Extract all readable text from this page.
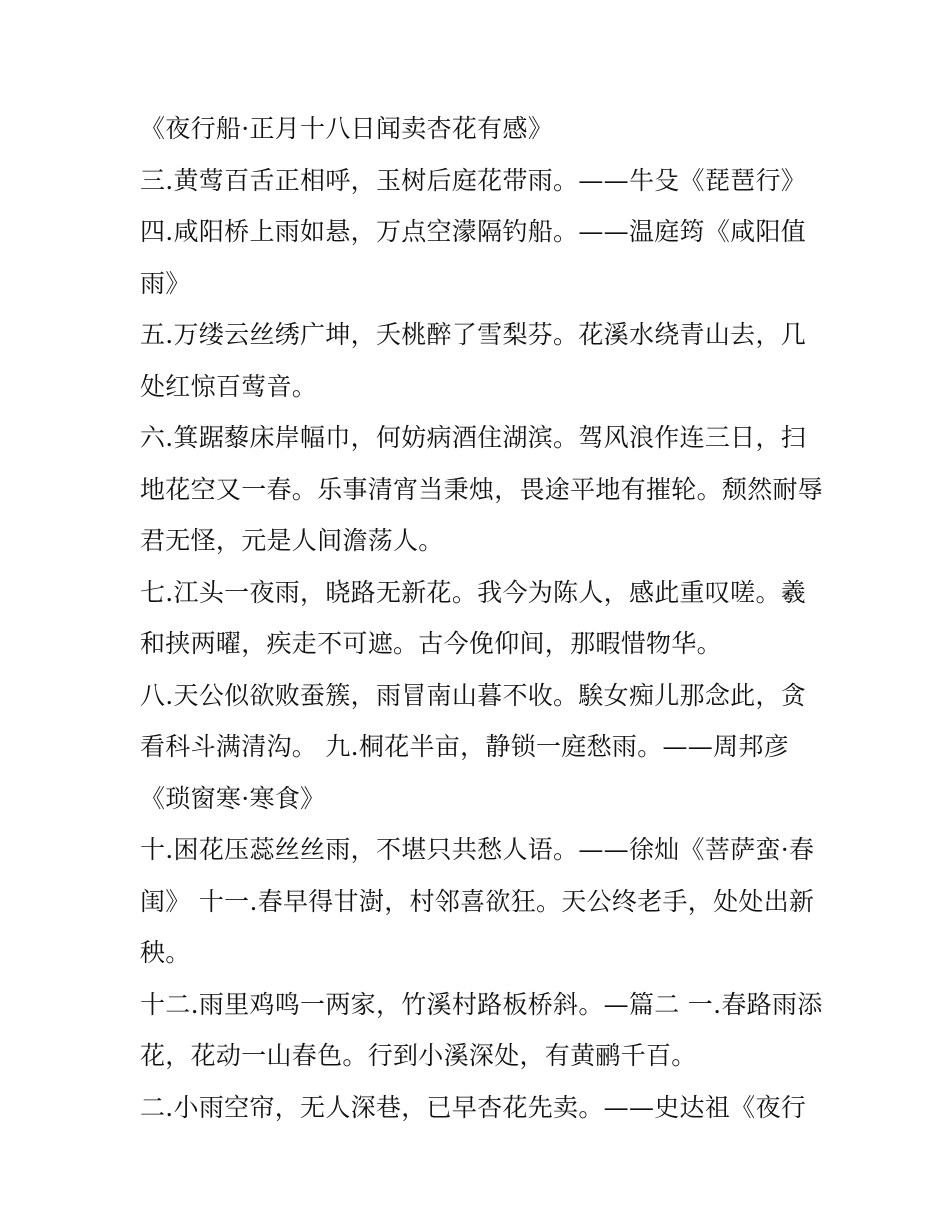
《夜行船·正月十八日闻卖杏花有感》
三.黄莺百舌正相呼，玉树后庭花带雨。——牛殳《琵琶行》
四.咸阳桥上雨如悬，万点空濛隔钓船。——温庭筠《咸阳值
雨》
五.万缕云丝绣广坤，夭桃醉了雪梨芬。花溪水绕青山去，几
处红惊百莺音。
六.箕踞藜床岸幅巾，何妨病酒住湖滨。驾风浪作连三日，扫
地花空又一春。乐事清宵当秉烛，畏途平地有摧轮。颓然耐辱
君无怪，元是人间澹荡人。
七.江头一夜雨，晓路无新花。我今为陈人，感此重叹嗟。羲
和挟两曜，疾走不可遮。古今俛仰间，那暇惜物华。
八.天公似欲败蚕簇，雨冒南山暮不收。騃女痴儿那念此，贪
看科斗满清沟。 九.桐花半亩，静锁一庭愁雨。——周邦彦
《琐窗寒·寒食》
十.困花压蕊丝丝雨，不堪只共愁人语。——徐灿《菩萨蛮·春
闺》 十一.春早得甘澍，村邻喜欲狂。天公终老手，处处出新
秧。
十二.雨里鸡鸣一两家，竹溪村路板桥斜。—篇二 一.春路雨添
花，花动一山春色。行到小溪深处，有黄鹂千百。
二.小雨空帘，无人深巷，已早杏花先卖。——史达祖《夜行
